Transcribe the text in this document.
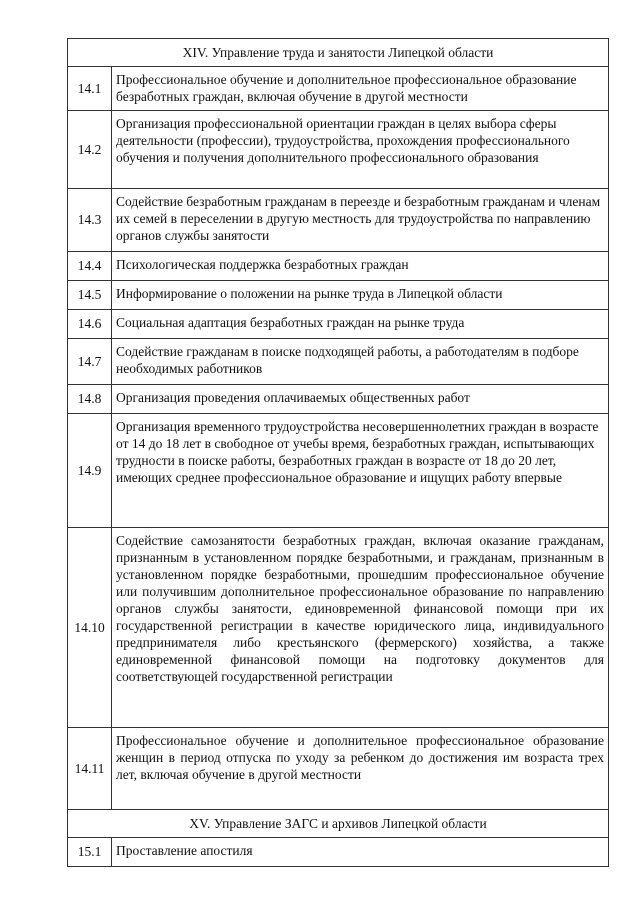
XIV. Управление труда и занятости Липецкой области	
14.1	Профессиональное обучение и дополнительное профессиональное образование безработных граждан, включая обучение в другой местности
14.2	Организация профессиональной ориентации граждан в целях выбора сферы деятельности (профессии), трудоустройства, прохождения профессионального обучения и получения дополнительного профессионального образования
14.3	Содействие безработным гражданам в переезде и безработным гражданам и членам их семей в переселении в другую местность для трудоустройства по направлению органов службы занятости
14.4	Психологическая поддержка безработных граждан
14.5	Информирование о положении на рынке труда в Липецкой области
14.6	Социальная адаптация безработных граждан на рынке труда
14.7	Содействие гражданам в поиске подходящей работы, а работодателям в подборе необходимых работников
14.8	Организация проведения оплачиваемых общественных работ
14.9	Организация временного трудоустройства несовершеннолетних граждан в возрасте от 14 до 18 лет в свободное от учебы время, безработных граждан, испытывающих трудности в поиске работы, безработных граждан в возрасте от 18 до 20 лет, имеющих среднее профессиональное образование и ищущих работу впервые
14.10	Содействие самозанятости безработных граждан, включая оказание гражданам, признанным в установленном порядке безработными, и гражданам, признанным в установленном порядке безработными, прошедшим профессиональное обучение или получившим дополнительное профессиональное образование по направлению органов службы занятости, единовременной финансовой помощи при их государственной регистрации в качестве юридического лица, индивидуального предпринимателя либо крестьянского (фермерского) хозяйства, а также единовременной финансовой помощи на подготовку документов для соответствующей государственной регистрации
14.11	Профессиональное обучение и дополнительное профессиональное образование женщин в период отпуска по уходу за ребенком до достижения им возраста трех лет, включая обучение в другой местности
XV. Управление ЗАГС и архивов Липецкой области	
15.1	Проставление апостиля
